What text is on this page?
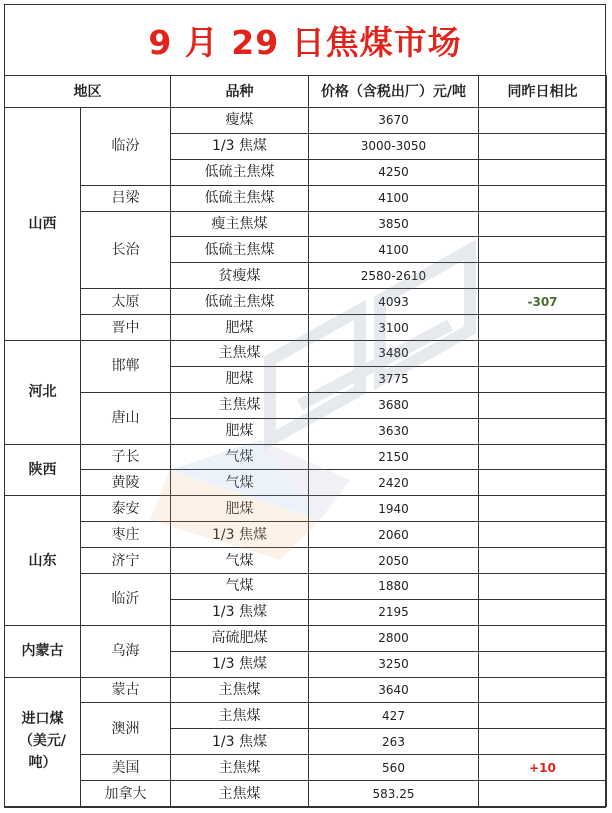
9 月 29 日焦煤市场
地区		品种	价格（含税出厂）元/吨	同昨日相比
山西	临汾	瘦煤	3670	
		1/3 焦煤	3000-3050	
		低硫主焦煤	4250	
	吕梁	低硫主焦煤	4100	
	长治	瘦主焦煤	3850	
		低硫主焦煤	4100	
		贫瘦煤	2580-2610	
	太原	低硫主焦煤	4093	-307
	晋中	肥煤	3100	
河北	邯郸	主焦煤	3480	
		肥煤	3775	
	唐山	主焦煤	3680	
		肥煤	3630	
陕西	子长	气煤	2150	
	黄陵	气煤	2420	
山东	泰安	肥煤	1940	
	枣庄	1/3 焦煤	2060	
	济宁	气煤	2050	
	临沂	气煤	1880	
		1/3 焦煤	2195	
内蒙古	乌海	高硫肥煤	2800	
		1/3 焦煤	3250	
进口煤
（美元/
吨）	蒙古	主焦煤	3640	
	澳洲	主焦煤	427	
		1/3 焦煤	263	
	美国	主焦煤	560	+10
	加拿大	主焦煤	583.25	
